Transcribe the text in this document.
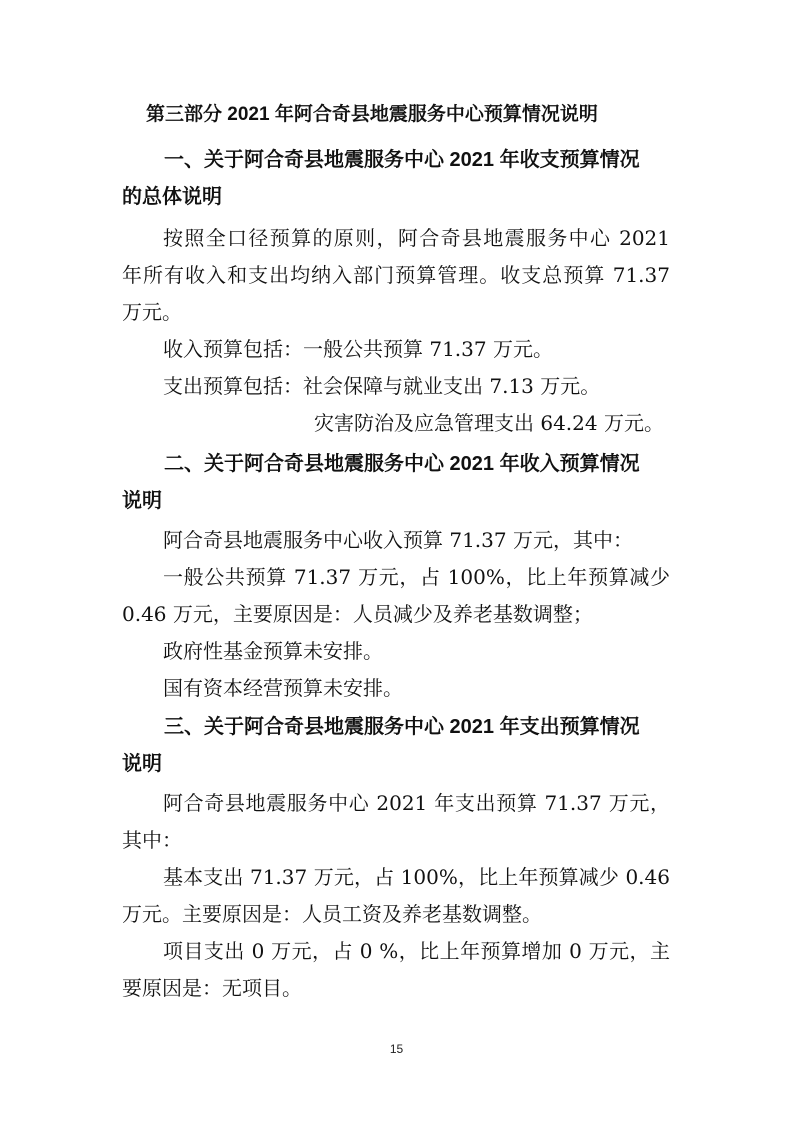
第三部分 2021 年阿合奇县地震服务中心预算情况说明
一、关于阿合奇县地震服务中心 2021 年收支预算情况
的总体说明
按照全口径预算的原则，阿合奇县地震服务中心 2021
年所有收入和支出均纳入部门预算管理。收支总预算 71.37
万元。
收入预算包括：一般公共预算 71.37 万元。
支出预算包括：社会保障与就业支出 7.13 万元。
灾害防治及应急管理支出 64.24 万元。
二、关于阿合奇县地震服务中心 2021 年收入预算情况
说明
阿合奇县地震服务中心收入预算 71.37 万元，其中：
一般公共预算 71.37 万元，占 100%，比上年预算减少
0.46 万元，主要原因是：人员减少及养老基数调整；
政府性基金预算未安排。
国有资本经营预算未安排。
三、关于阿合奇县地震服务中心 2021 年支出预算情况
说明
阿合奇县地震服务中心 2021 年支出预算 71.37 万元，
其中：
基本支出 71.37 万元，占 100%，比上年预算减少 0.46
万元。主要原因是：人员工资及养老基数调整。
项目支出 0 万元，占 0 %，比上年预算增加 0 万元，主
要原因是：无项目。
15
